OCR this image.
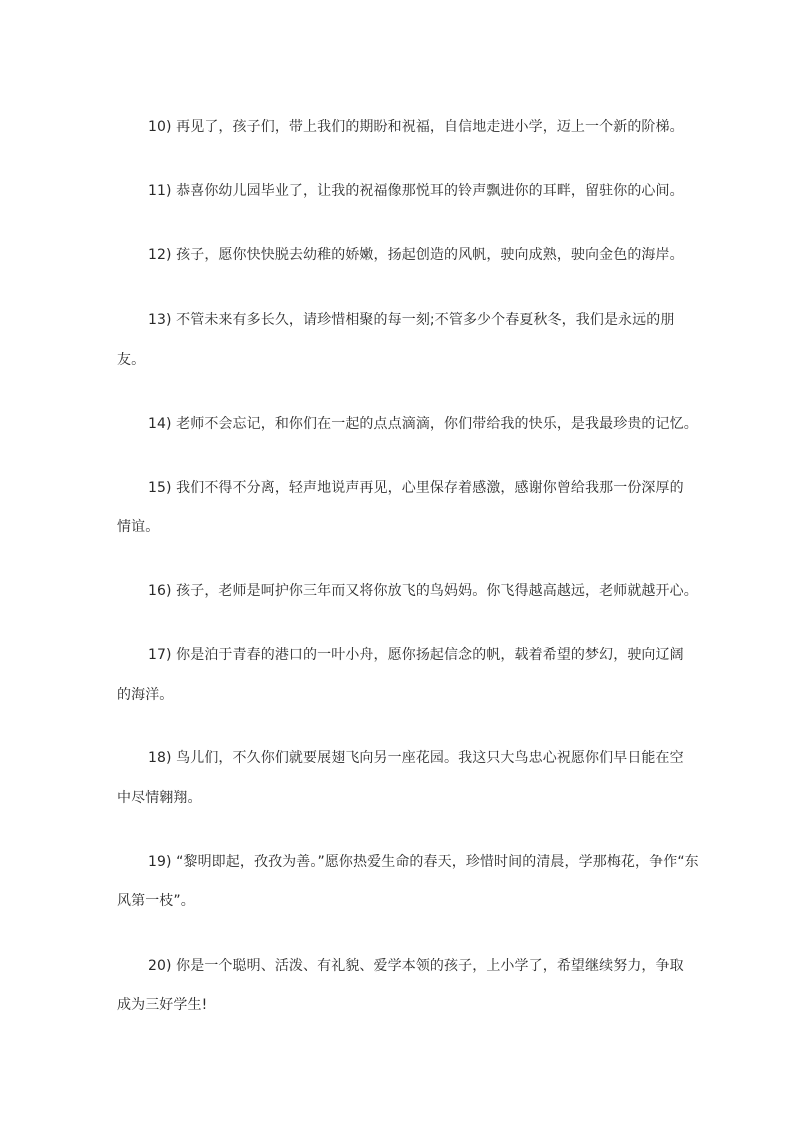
10) 再见了，孩子们，带上我们的期盼和祝福，自信地走进小学，迈上一个新的阶梯。
11) 恭喜你幼儿园毕业了，让我的祝福像那悦耳的铃声飘进你的耳畔，留驻你的心间。
12) 孩子，愿你快快脱去幼稚的娇嫩，扬起创造的风帆，驶向成熟，驶向金色的海岸。
13) 不管未来有多长久，请珍惜相聚的每一刻;不管多少个春夏秋冬，我们是永远的朋
友。
14) 老师不会忘记，和你们在一起的点点滴滴，你们带给我的快乐，是我最珍贵的记忆。
15) 我们不得不分离，轻声地说声再见，心里保存着感激，感谢你曾给我那一份深厚的
情谊。
16) 孩子，老师是呵护你三年而又将你放飞的鸟妈妈。你飞得越高越远，老师就越开心。
17) 你是泊于青春的港口的一叶小舟，愿你扬起信念的帆，载着希望的梦幻，驶向辽阔
的海洋。
18) 鸟儿们，不久你们就要展翅飞向另一座花园。我这只大鸟忠心祝愿你们早日能在空
中尽情翱翔。
19) “黎明即起，孜孜为善。”愿你热爱生命的春天，珍惜时间的清晨，学那梅花，争作“东
风第一枝”。
20) 你是一个聪明、活泼、有礼貌、爱学本领的孩子，上小学了，希望继续努力，争取
成为三好学生!
